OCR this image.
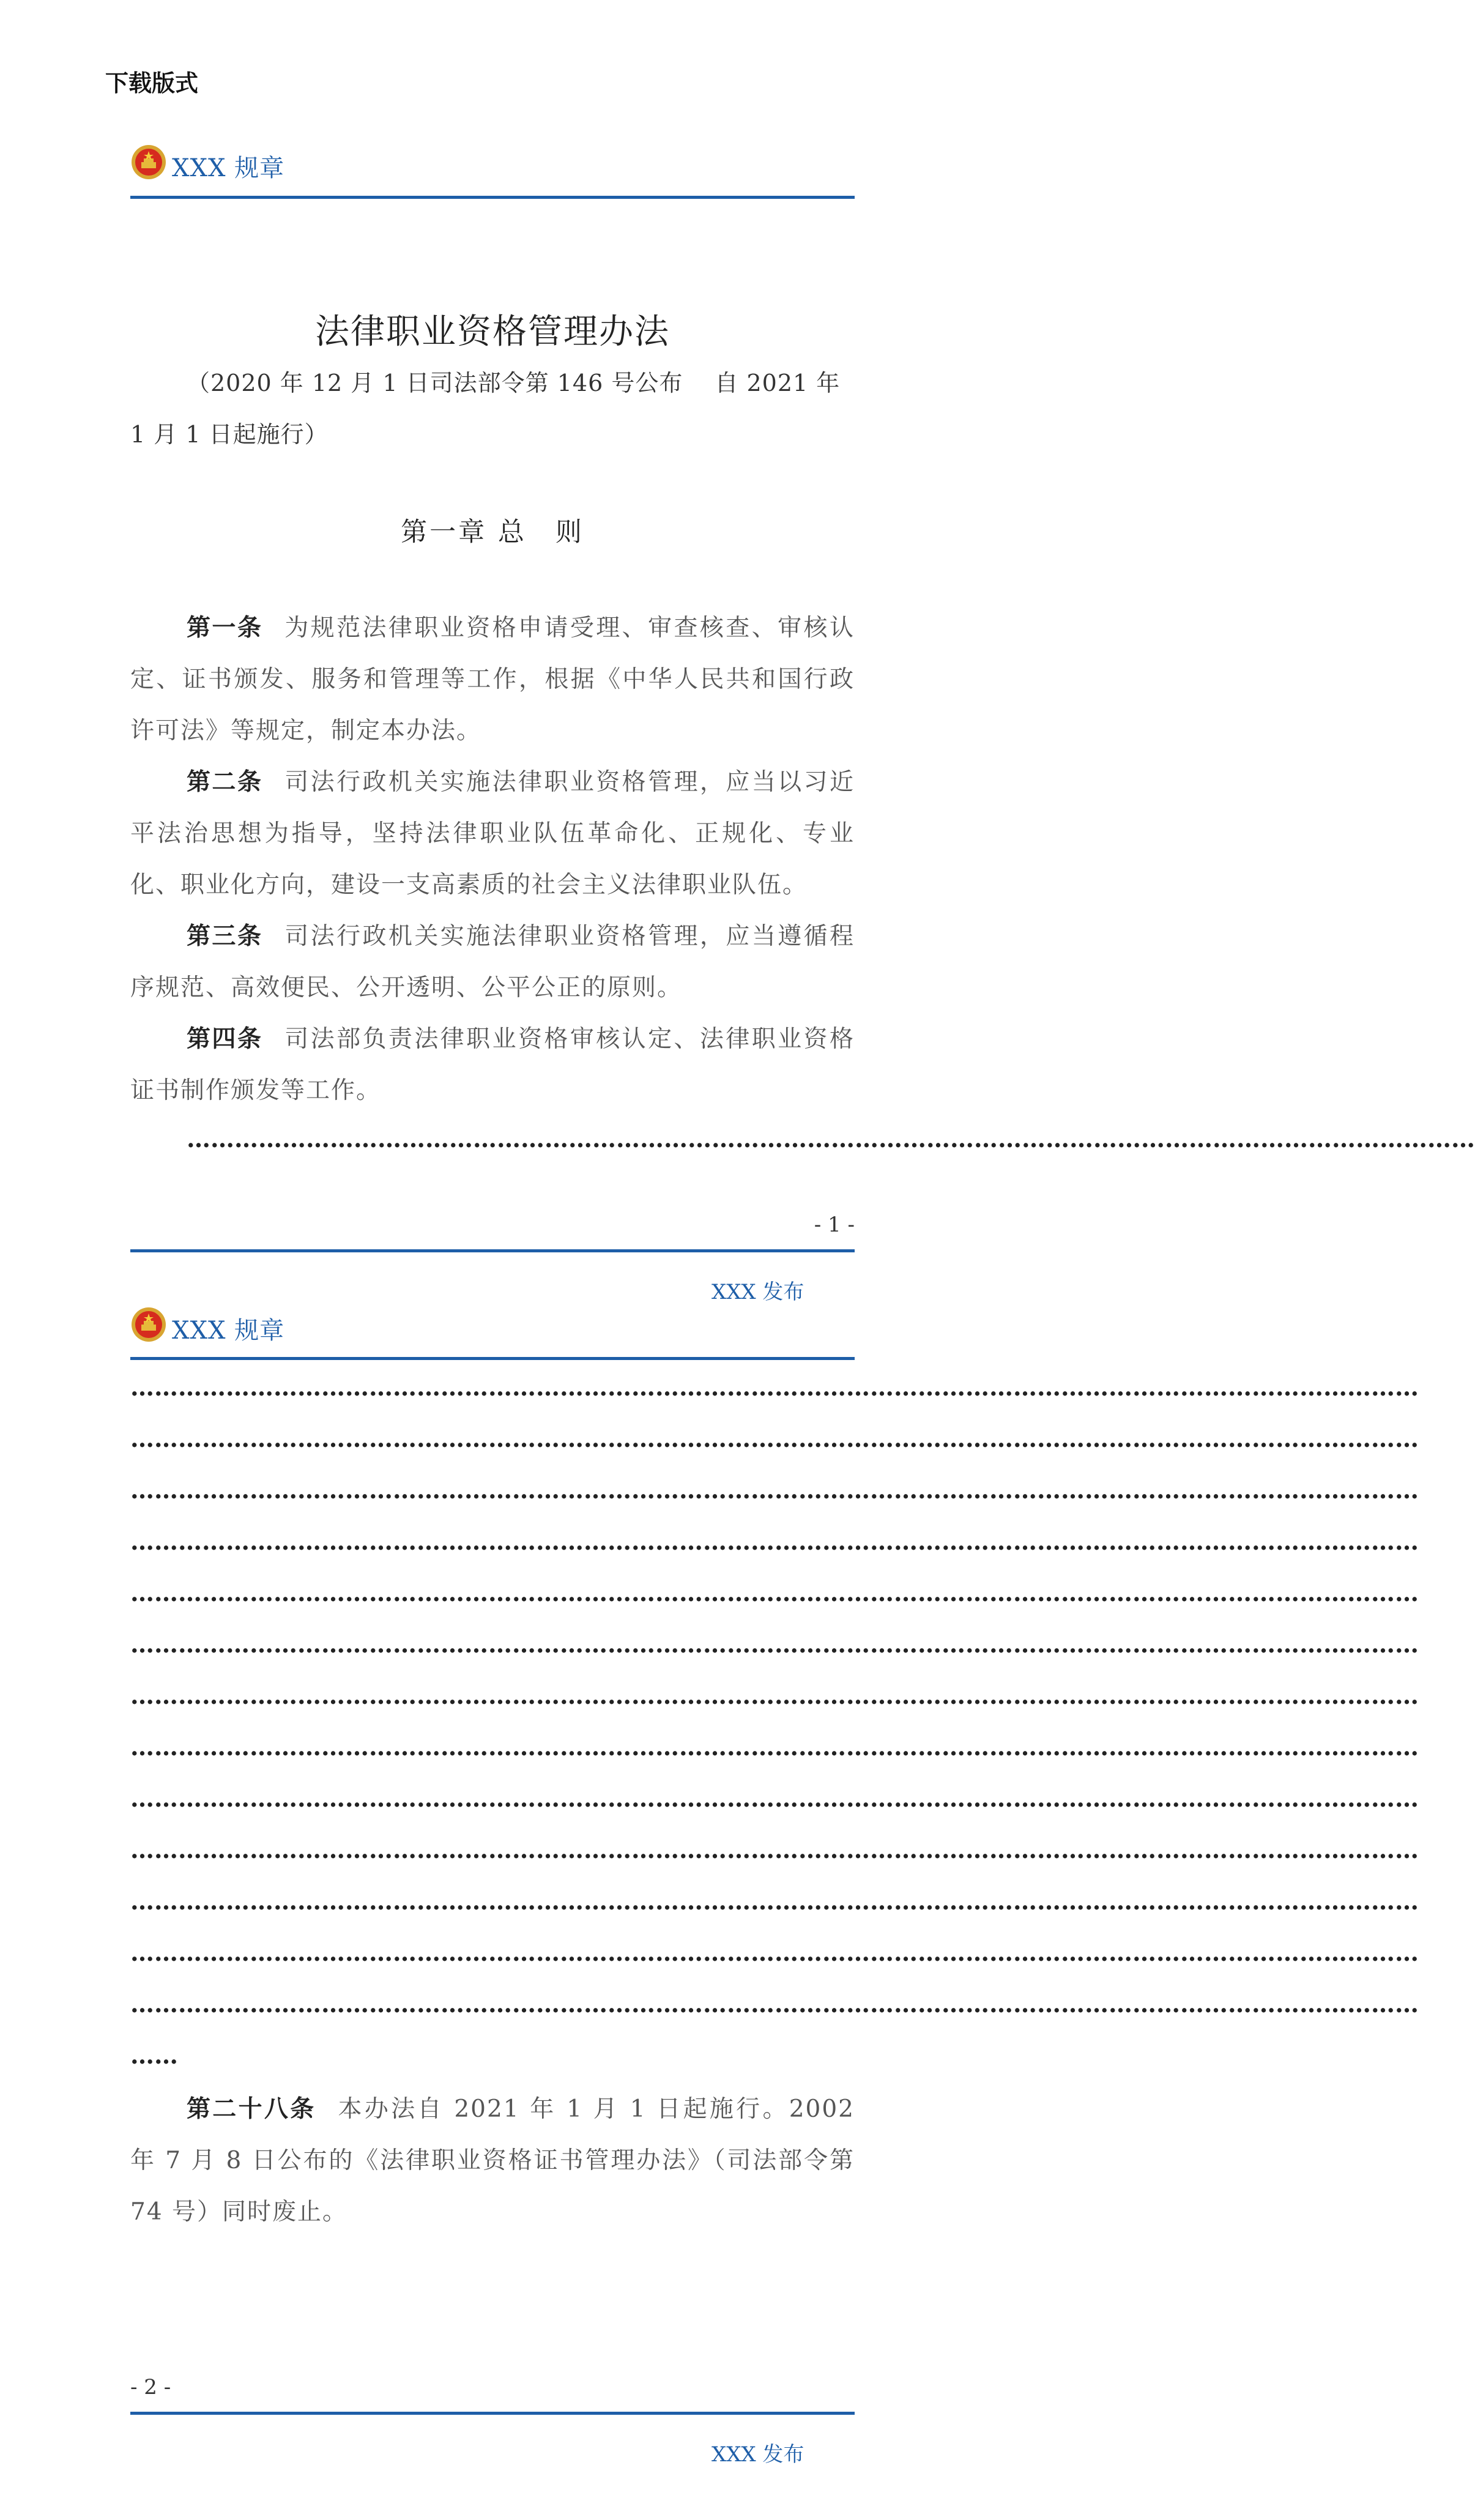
下载版式
XXX 规章
法律职业资格管理办法
（2020 年 12 月 1 日司法部令第 146 号公布　 自 2021 年 1 月 1 日起施行）
第一章 总　则

第一条 为规范法律职业资格申请受理、审查核查、审核认定、证书颁发、服务和管理等工作，根据《中华人民共和国行政许可法》等规定，制定本办法。

第二条 司法行政机关实施法律职业资格管理，应当以习近平法治思想为指导，坚持法律职业队伍革命化、正规化、专业化、职业化方向，建设一支高素质的社会主义法律职业队伍。

第三条 司法行政机关实施法律职业资格管理，应当遵循程序规范、高效便民、公开透明、公平公正的原则。

第四条 司法部负责法律职业资格审核认定、法律职业资格证书制作颁发等工作。

………………………………………………………………………………………………………………………………………………
- 1 -
XXX 发布
XXX 规章
………………………………………………………………………………………………………………………………………………
………………………………………………………………………………………………………………………………………………
………………………………………………………………………………………………………………………………………………
………………………………………………………………………………………………………………………………………………
………………………………………………………………………………………………………………………………………………
………………………………………………………………………………………………………………………………………………
………………………………………………………………………………………………………………………………………………
………………………………………………………………………………………………………………………………………………
………………………………………………………………………………………………………………………………………………
………………………………………………………………………………………………………………………………………………
………………………………………………………………………………………………………………………………………………
………………………………………………………………………………………………………………………………………………
………………………………………………………………………………………………………………………………………………
……

第二十八条 本办法自 2021 年 1 月 1 日起施行。2002 年 7 月 8 日公布的《法律职业资格证书管理办法》（司法部令第 74 号）同时废止。

- 2 -
XXX 发布
